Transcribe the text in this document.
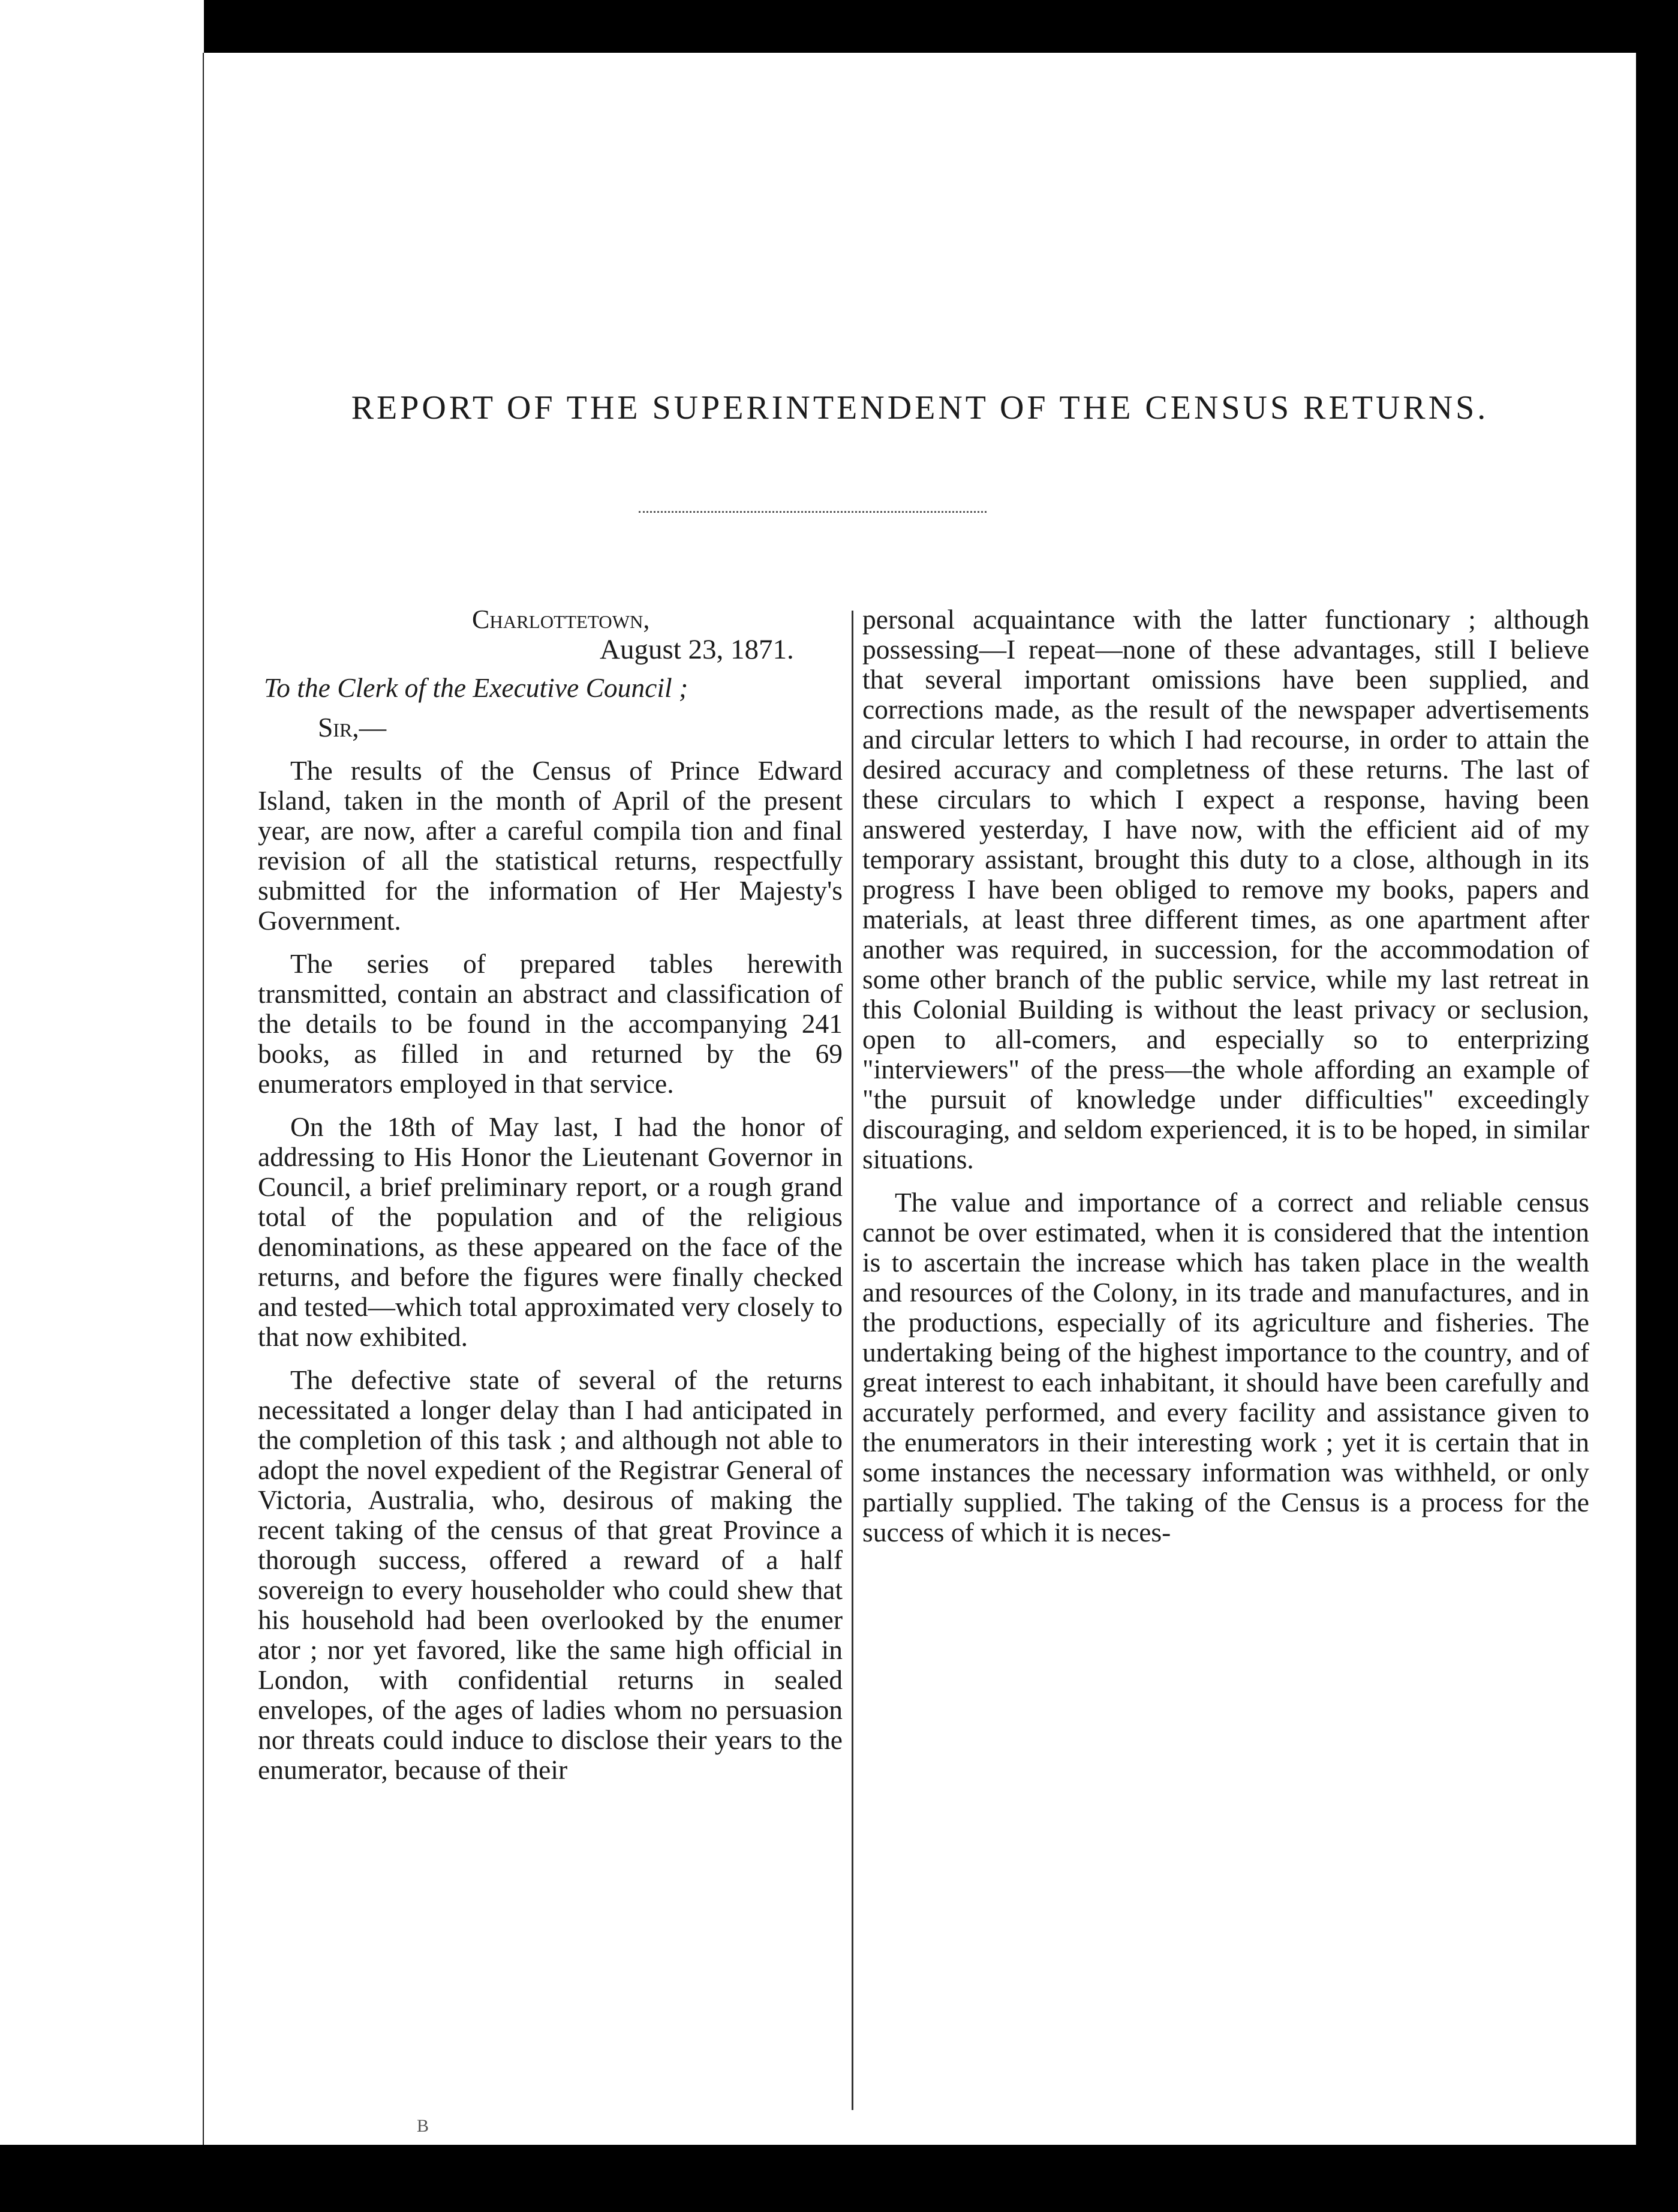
REPORT OF THE SUPERINTENDENT OF THE CENSUS RETURNS.

Charlottetown,

August 23, 1871.

To the Clerk of the Executive Council ;

Sir,—

The results of the Census of Prince Edward Island, taken in the month of April of the present year, are now, after a careful compila tion and final revision of all the statistical returns, respectfully submitted for the information of Her Majesty's Government.

The series of prepared tables herewith transmitted, contain an abstract and classification of the details to be found in the accompanying 241 books, as filled in and returned by the 69 enumerators employed in that service.

On the 18th of May last, I had the honor of addressing to His Honor the Lieutenant Governor in Council, a brief preliminary report, or a rough grand total of the population and of the religious denominations, as these appeared on the face of the returns, and before the figures were finally checked and tested—which total approximated very closely to that now exhibited.

The defective state of several of the returns necessitated a longer delay than I had anticipated in the completion of this task ; and although not able to adopt the novel expedient of the Registrar General of Victoria, Australia, who, desirous of making the recent taking of the census of that great Province a thorough success, offered a reward of a half sovereign to every householder who could shew that his household had been overlooked by the enumer ator ; nor yet favored, like the same high official in London, with confidential returns in sealed envelopes, of the ages of ladies whom no persuasion nor threats could induce to disclose their years to the enumerator, because of their

personal acquaintance with the latter functionary ; although possessing—I repeat—none of these advantages, still I believe that several important omissions have been supplied, and corrections made, as the result of the newspaper advertisements and circular letters to which I had recourse, in order to attain the desired accuracy and completness of these returns. The last of these circulars to which I expect a response, having been answered yesterday, I have now, with the efficient aid of my temporary assistant, brought this duty to a close, although in its progress I have been obliged to remove my books, papers and materials, at least three different times, as one apartment after another was required, in succession, for the accommodation of some other branch of the public service, while my last retreat in this Colonial Building is without the least privacy or seclusion, open to all-comers, and especially so to enterprizing "interviewers" of the press—the whole affording an example of "the pursuit of knowledge under difficulties" exceedingly discouraging, and seldom experienced, it is to be hoped, in similar situations.

The value and importance of a correct and reliable census cannot be over estimated, when it is considered that the intention is to ascertain the increase which has taken place in the wealth and resources of the Colony, in its trade and manufactures, and in the productions, especially of its agriculture and fisheries. The undertaking being of the highest importance to the country, and of great interest to each inhabitant, it should have been carefully and accurately performed, and every facility and assistance given to the enumerators in their interesting work ; yet it is certain that in some instances the necessary information was withheld, or only partially supplied. The taking of the Census is a process for the success of which it is neces-

B
